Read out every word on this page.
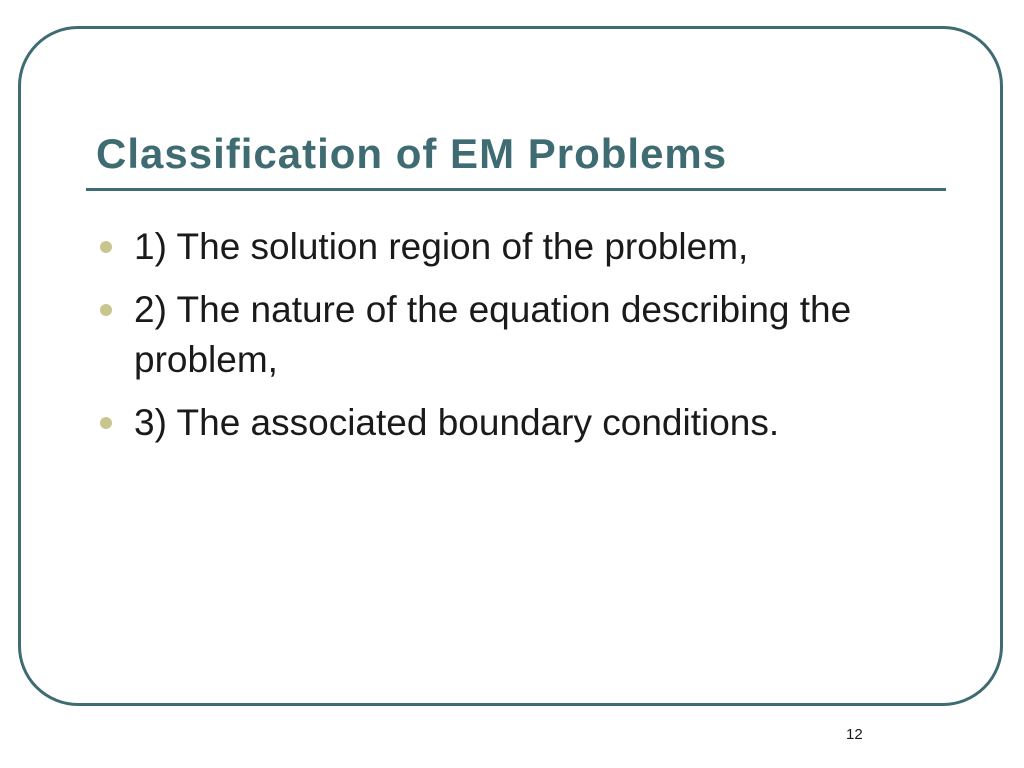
Classification of EM Problems
1) The solution region of the problem,
2) The nature of the equation describing the problem,
3) The associated boundary conditions.
12
